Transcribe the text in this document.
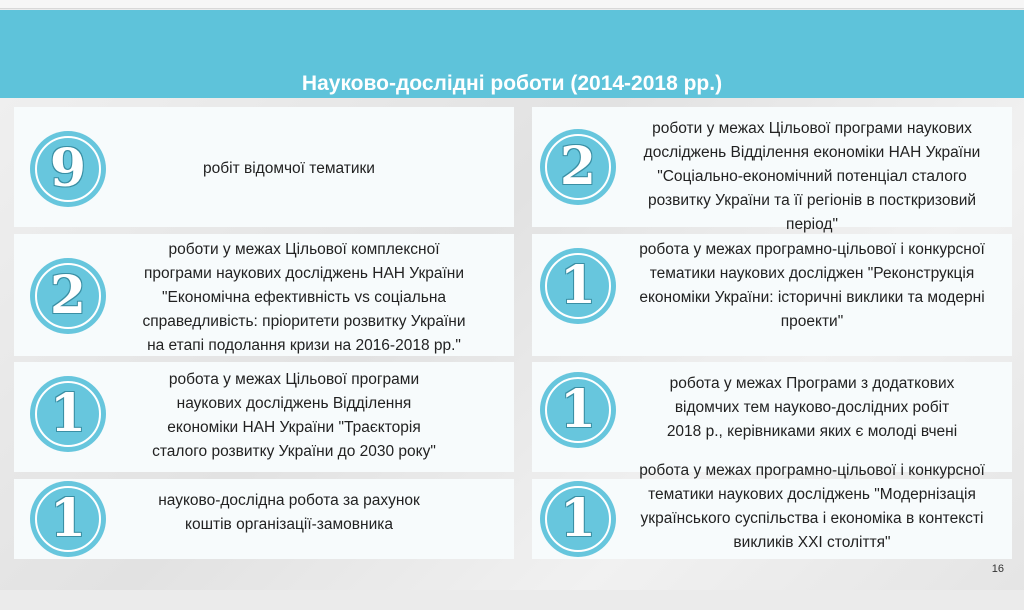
Науково-дослідні роботи (2014-2018 рр.)
9	робіт відомчої тематики
2
роботи у межах Цільової комплексної
програми наукових досліджень НАН України
"Економічна ефективність vs соціальна
справедливість: пріоритети розвитку України
на етапі подолання кризи на 2016-2018 рр."
1
робота у межах Цільової програми
наукових досліджень Відділення
економіки НАН України "Траєкторія
сталого розвитку України до 2030 року"
1	науково-дослідна робота за рахунок
коштів організації-замовника
2
роботи у межах Цільової програми наукових
досліджень Відділення економіки НАН України
"Соціально-економічний потенціал сталого
розвитку України та її регіонів в посткризовий
період"
1
робота у межах програмно-цільової і конкурсної
тематики наукових досліджен "Реконструкція
економіки України: історичні виклики та модерні
проекти"
1	робота у межах Програми з додаткових
відомчих тем науково-дослідних робіт
2018 р., керівниками яких є молоді вчені
1
робота у межах програмно-цільової і конкурсної
тематики наукових досліджень "Модернізація
українського суспільства і економіка в контексті
викликів ХХІ століття"
16
